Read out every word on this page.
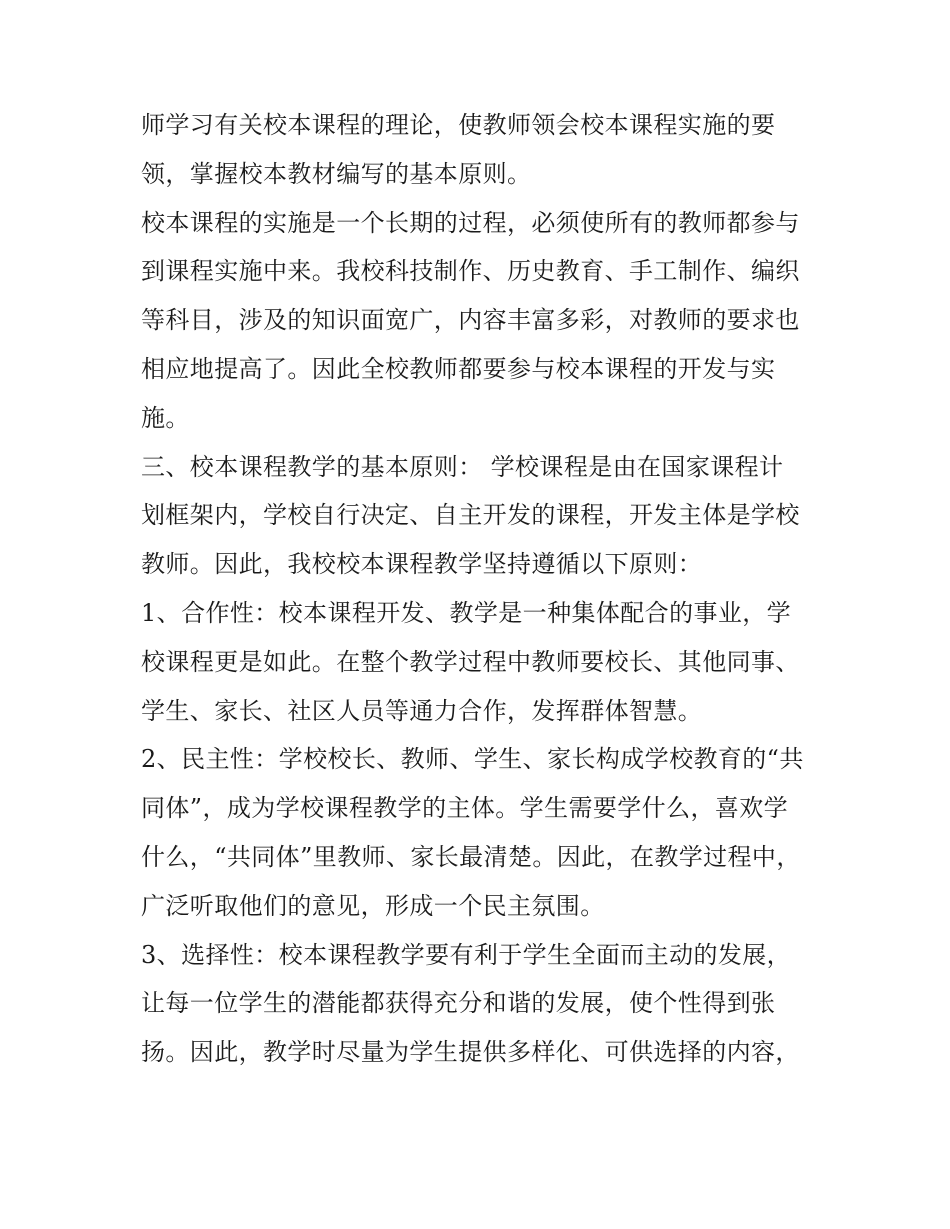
师学习有关校本课程的理论，使教师领会校本课程实施的要
领，掌握校本教材编写的基本原则。
校本课程的实施是一个长期的过程，必须使所有的教师都参与
到课程实施中来。我校科技制作、历史教育、手工制作、编织
等科目，涉及的知识面宽广，内容丰富多彩，对教师的要求也
相应地提高了。因此全校教师都要参与校本课程的开发与实
施。
三、校本课程教学的基本原则： 学校课程是由在国家课程计
划框架内，学校自行决定、自主开发的课程，开发主体是学校
教师。因此，我校校本课程教学坚持遵循以下原则：
1、合作性：校本课程开发、教学是一种集体配合的事业，学
校课程更是如此。在整个教学过程中教师要校长、其他同事、
学生、家长、社区人员等通力合作，发挥群体智慧。
2、民主性：学校校长、教师、学生、家长构成学校教育的“共
同体”，成为学校课程教学的主体。学生需要学什么，喜欢学
什么，“共同体”里教师、家长最清楚。因此，在教学过程中，
广泛听取他们的意见，形成一个民主氛围。
3、选择性：校本课程教学要有利于学生全面而主动的发展，
让每一位学生的潜能都获得充分和谐的发展，使个性得到张
扬。因此，教学时尽量为学生提供多样化、可供选择的内容，
